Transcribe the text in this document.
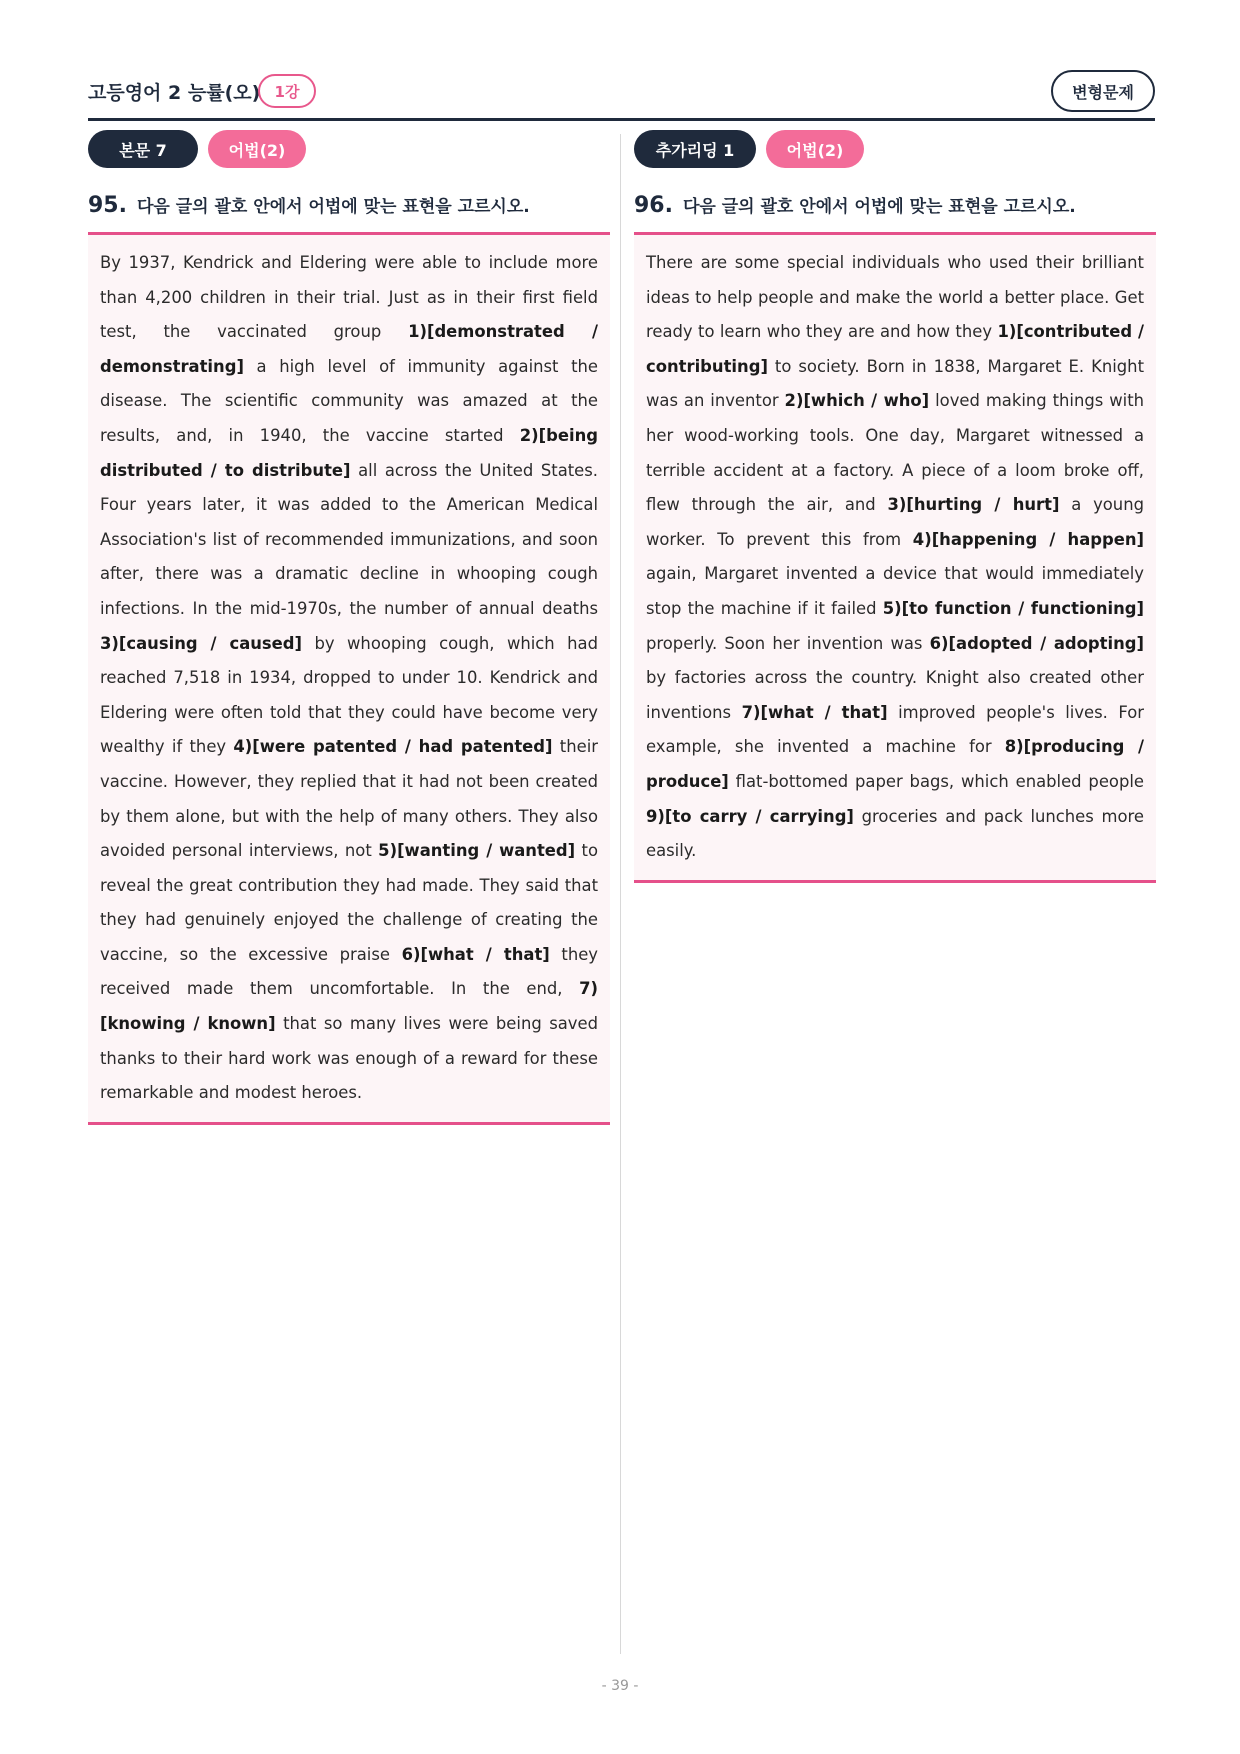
고등영어 2 능률(오) 1강	변형문제
본문 7	어법(2)
95. 다음 글의 괄호 안에서 어법에 맞는 표현을 고르시오.
By 1937, Kendrick and Eldering were able to include more than 4,200 children in their trial. Just as in their first field test, the vaccinated group 1)[demonstrated / demonstrating] a high level of immunity against the disease. The scientific community was amazed at the results, and, in 1940, the vaccine started 2)[being distributed / to distribute] all across the United States. Four years later, it was added to the American Medical Association's list of recommended immunizations, and soon after, there was a dramatic decline in whooping cough infections. In the mid-1970s, the number of annual deaths 3)[causing / caused] by whooping cough, which had reached 7,518 in 1934, dropped to under 10. Kendrick and Eldering were often told that they could have become very wealthy if they 4)[were patented / had patented] their vaccine. However, they replied that it had not been created by them alone, but with the help of many others. They also avoided personal interviews, not 5)[wanting / wanted] to reveal the great contribution they had made. They said that they had genuinely enjoyed the challenge of creating the vaccine, so the excessive praise 6)[what / that] they received made them uncomfortable. In the end, 7)[knowing / known] that so many lives were being saved thanks to their hard work was enough of a reward for these remarkable and modest heroes.
추가리딩 1	어법(2)
96. 다음 글의 괄호 안에서 어법에 맞는 표현을 고르시오.
There are some special individuals who used their brilliant ideas to help people and make the world a better place. Get ready to learn who they are and how they 1)[contributed / contributing] to society. Born in 1838, Margaret E. Knight was an inventor 2)[which / who] loved making things with her wood-working tools. One day, Margaret witnessed a terrible accident at a factory. A piece of a loom broke off, flew through the air, and 3)[hurting / hurt] a young worker. To prevent this from 4)[happening / happen] again, Margaret invented a device that would immediately stop the machine if it failed 5)[to function / functioning] properly. Soon her invention was 6)[adopted / adopting] by factories across the country. Knight also created other inventions 7)[what / that] improved people's lives. For example, she invented a machine for 8)[producing / produce] flat-bottomed paper bags, which enabled people 9)[to carry / carrying] groceries and pack lunches more easily.
- 39 -
